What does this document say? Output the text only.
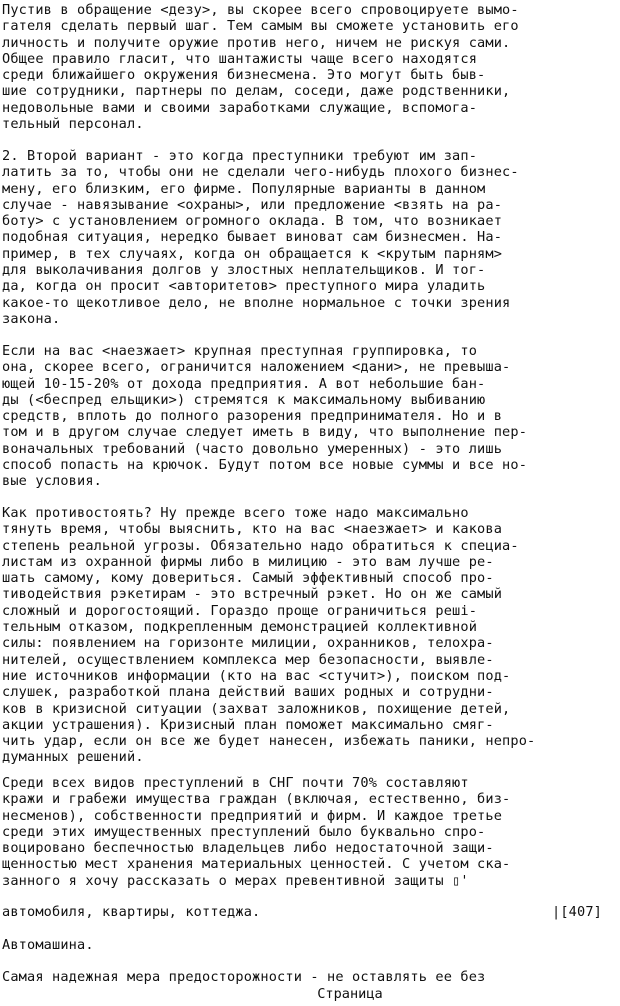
Пустив в обращение <дезу>, вы скорее всего спровоцируете вымо-
гателя сделать первый шаг. Тем самым вы сможете установить его
личность и получите оружие против него, ничем не рискуя сами.
Общее правило гласит, что шантажисты чаще всего находятся
среди ближайшего окружения бизнесмена. Это могут быть быв-
шие сотрудники, партнеры по делам, соседи, даже родственники,
недовольные вами и своими заработками служащие, вспомога-
тельный персонал.
2. Второй вариант - это когда преступники требуют им зап-
латить за то, чтобы они не сделали чего-нибудь плохого бизнес-
мену, его близким, его фирме. Популярные варианты в данном
случае - навязывание <охраны>, или предложение <взять на ра-
боту> с установлением огромного оклада. В том, что возникает
подобная ситуация, нередко бывает виноват сам бизнесмен. На-
пример, в тех случаях, когда он обращается к <крутым парням>
для выколачивания долгов у злостных неплательщиков. И тог-
да, когда он просит <авторитетов> преступного мира уладить
какое-то щекотливое дело, не вполне нормальное с точки зрения
закона.
Если на вас <наезжает> крупная преступная группировка, то
она, скорее всего, ограничится наложением <дани>, не превыша-
ющей 10-15-20% от дохода предприятия. А вот небольшие бан-
ды (<беспред ельщики>) стремятся к максимальному выбиванию
средств, вплоть до полного разорения предпринимателя. Но и в
том и в другом случае следует иметь в виду, что выполнение пер-
воначальных требований (часто довольно умеренных) - это лишь
способ попасть на крючок. Будут потом все новые суммы и все но-
вые условия.
Как противостоять? Ну прежде всего тоже надо максимально
тянуть время, чтобы выяснить, кто на вас <наезжает> и какова
степень реальной угрозы. Обязательно надо обратиться к специа-
листам из охранной фирмы либо в милицию - это вам лучше ре-
шать самому, кому довериться. Самый эффективный способ про-
тиводействия рэкетирам - это встречный рэкет. Но он же самый
сложный и дорогостоящий. Гораздо проще ограничиться решi-
тельным отказом, подкрепленным демонстрацией коллективной
силы: появлением на горизонте милиции, охранников, телохра-
нителей, осуществлением комплекса мер безопасности, выявле-
ние источников информации (кто на вас <стучит>), поиском под-
слушек, разработкой плана действий ваших родных и сотрудни-
ков в кризисной ситуации (захват заложников, похищение детей,
акции устрашения). Кризисный план поможет максимально смяг-
чить удар, если он все же будет нанесен, избежать паники, непро-
думанных решений.
Среди всех видов преступлений в СНГ почти 70% составляют
кражи и грабежи имущества граждан (включая, естественно, биз-
несменов), собственности предприятий и фирм. И каждое третье
среди этих имущественных преступлений было буквально спро-
воцировано беспечностью владельцев либо недостаточной защи-
щенностью мест хранения материальных ценностей. С учетом ска-
занного я хочу рассказать о мерах превентивной защиты ▯'
автомобиля, квартиры, коттеджа.	|[407]
Автомашина.
Самая надежная мера предосторожности - не оставлять ее без
Страница
